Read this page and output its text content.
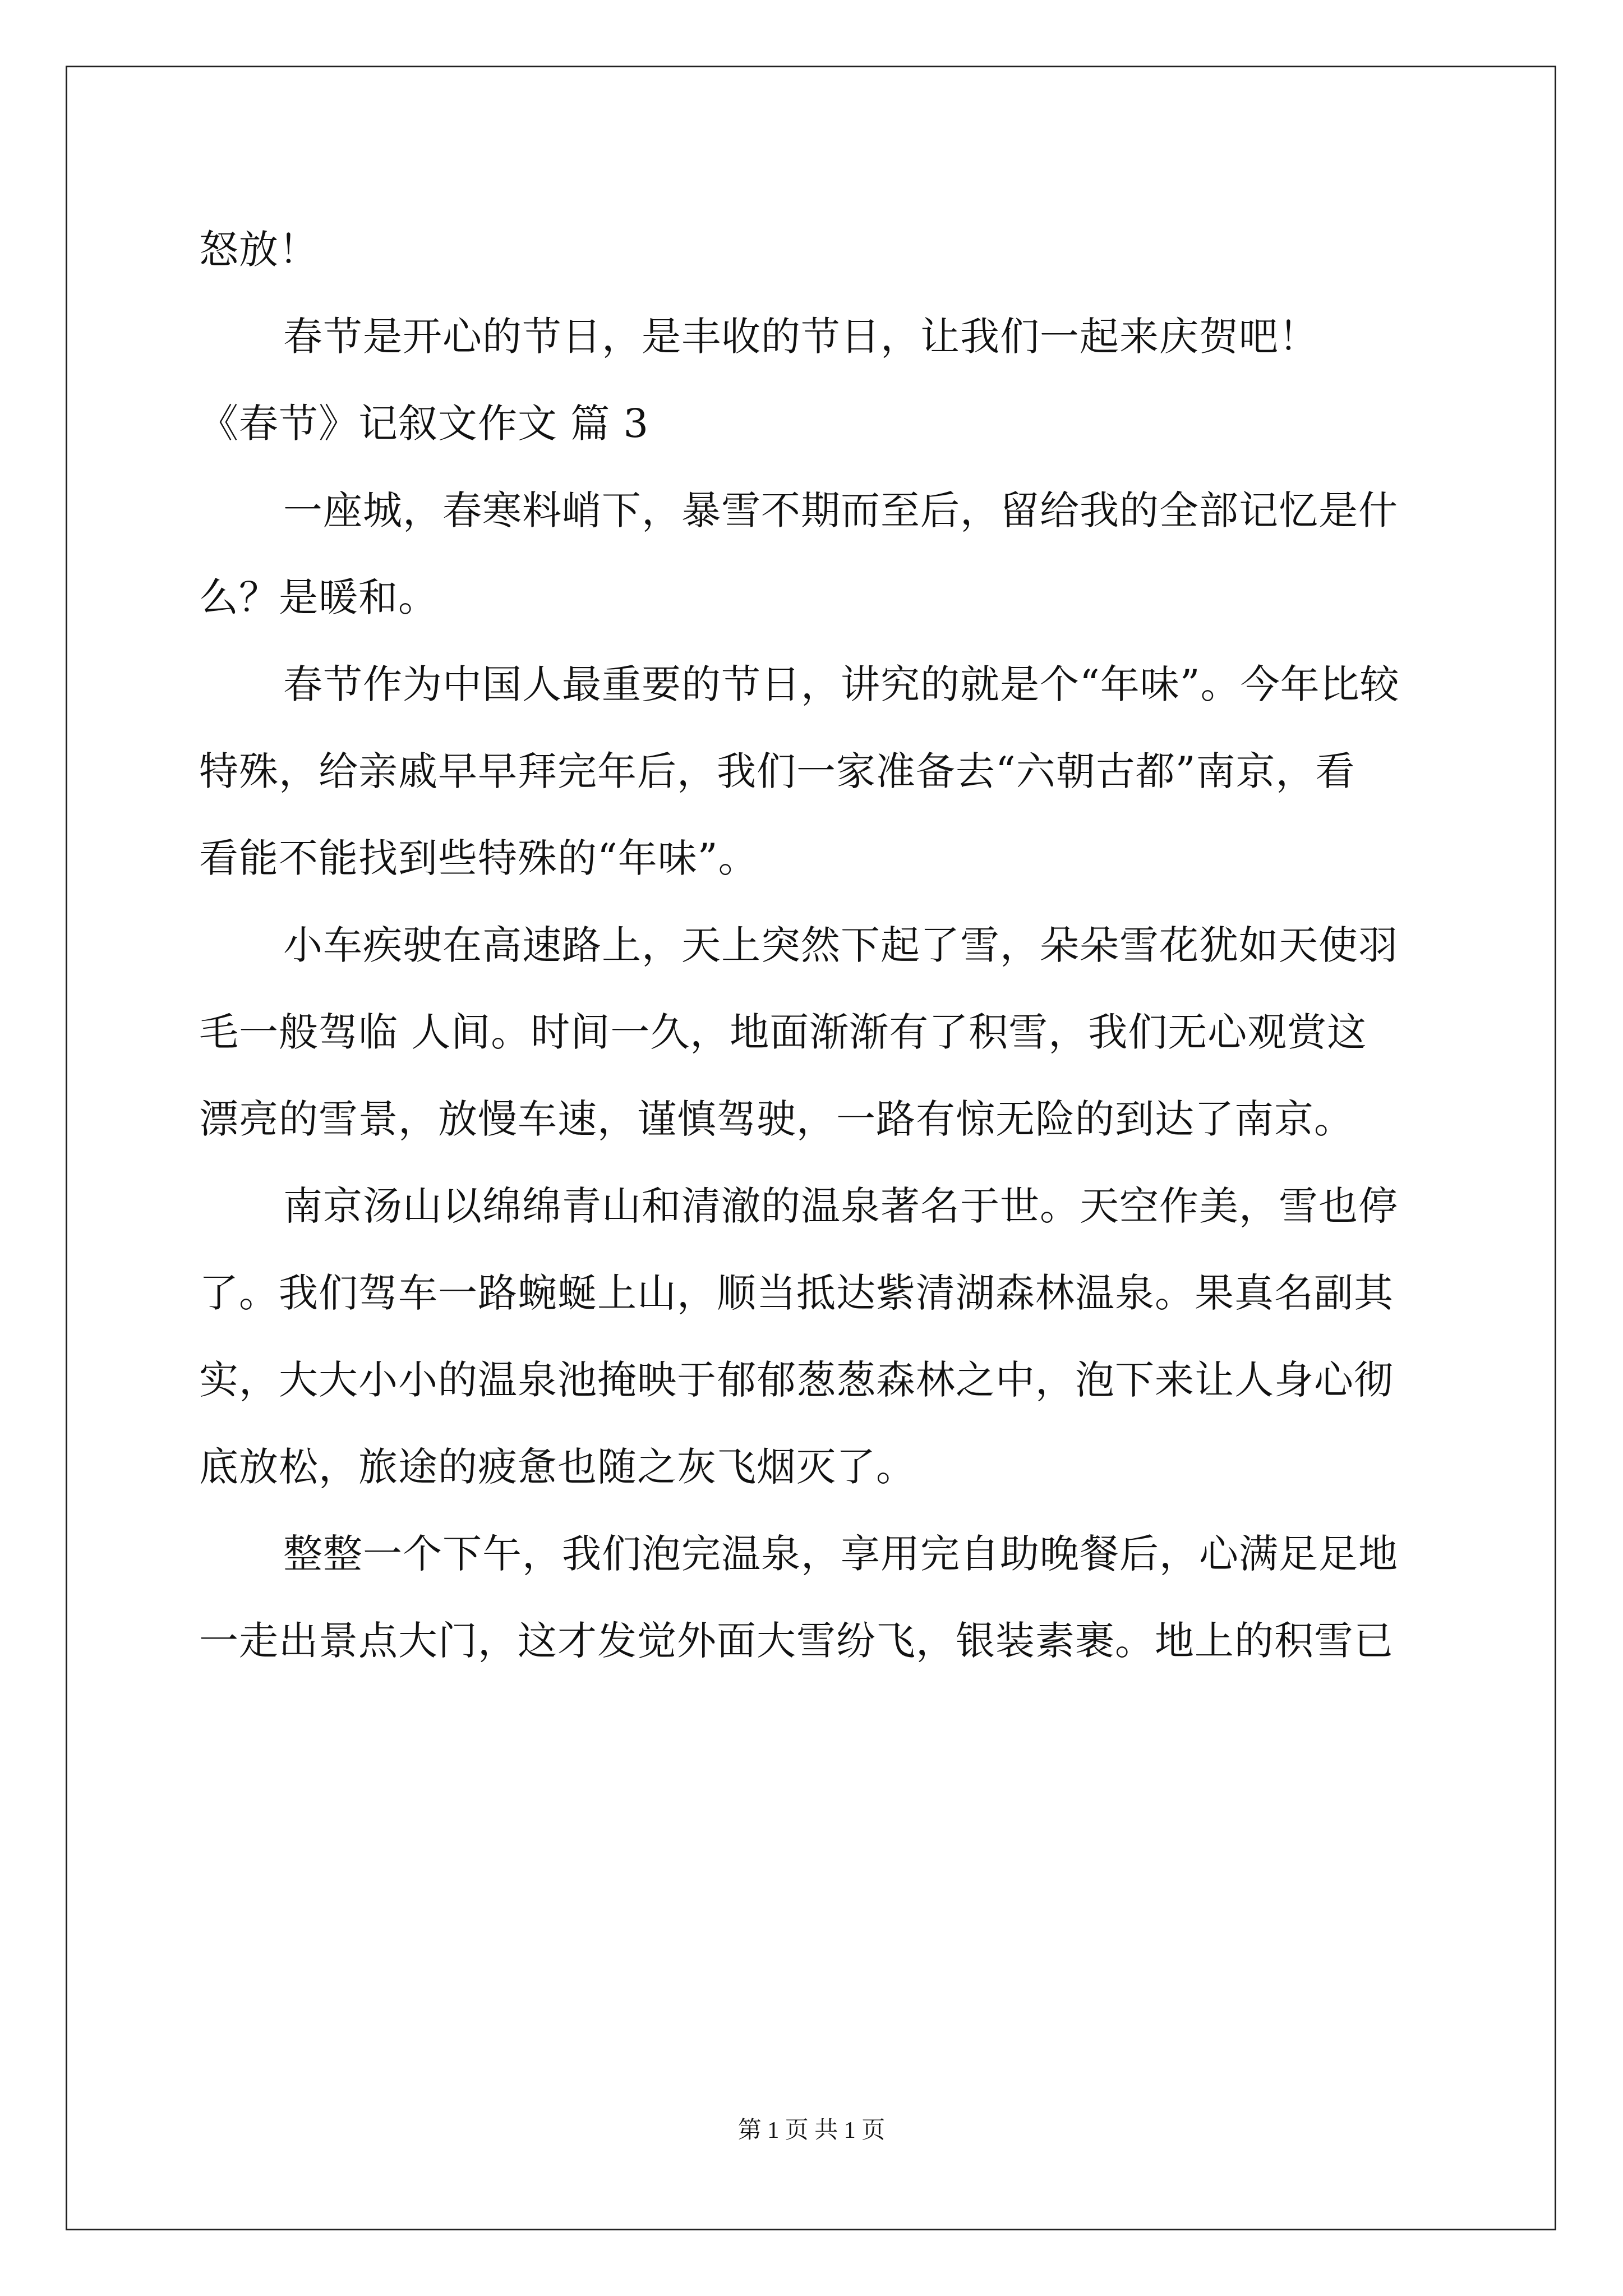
怒放！
春节是开心的节日，是丰收的节日，让我们一起来庆贺吧！
《春节》记叙文作文 篇 3
一座城，春寒料峭下，暴雪不期而至后，留给我的全部记忆是什
么？是暖和。
春节作为中国人最重要的节日，讲究的就是个“年味”。今年比较
特殊，给亲戚早早拜完年后，我们一家准备去“六朝古都”南京，看
看能不能找到些特殊的“年味”。
小车疾驶在高速路上，天上突然下起了雪，朵朵雪花犹如天使羽
毛一般驾临 人间。时间一久，地面渐渐有了积雪，我们无心观赏这
漂亮的雪景，放慢车速，谨慎驾驶，一路有惊无险的到达了南京。
南京汤山以绵绵青山和清澈的温泉著名于世。天空作美，雪也停
了。我们驾车一路蜿蜒上山，顺当抵达紫清湖森林温泉。果真名副其
实，大大小小的温泉池掩映于郁郁葱葱森林之中，泡下来让人身心彻
底放松，旅途的疲惫也随之灰飞烟灭了。
整整一个下午，我们泡完温泉，享用完自助晚餐后，心满足足地
一走出景点大门，这才发觉外面大雪纷飞，银装素裹。地上的积雪已
第 1 页 共 1 页
